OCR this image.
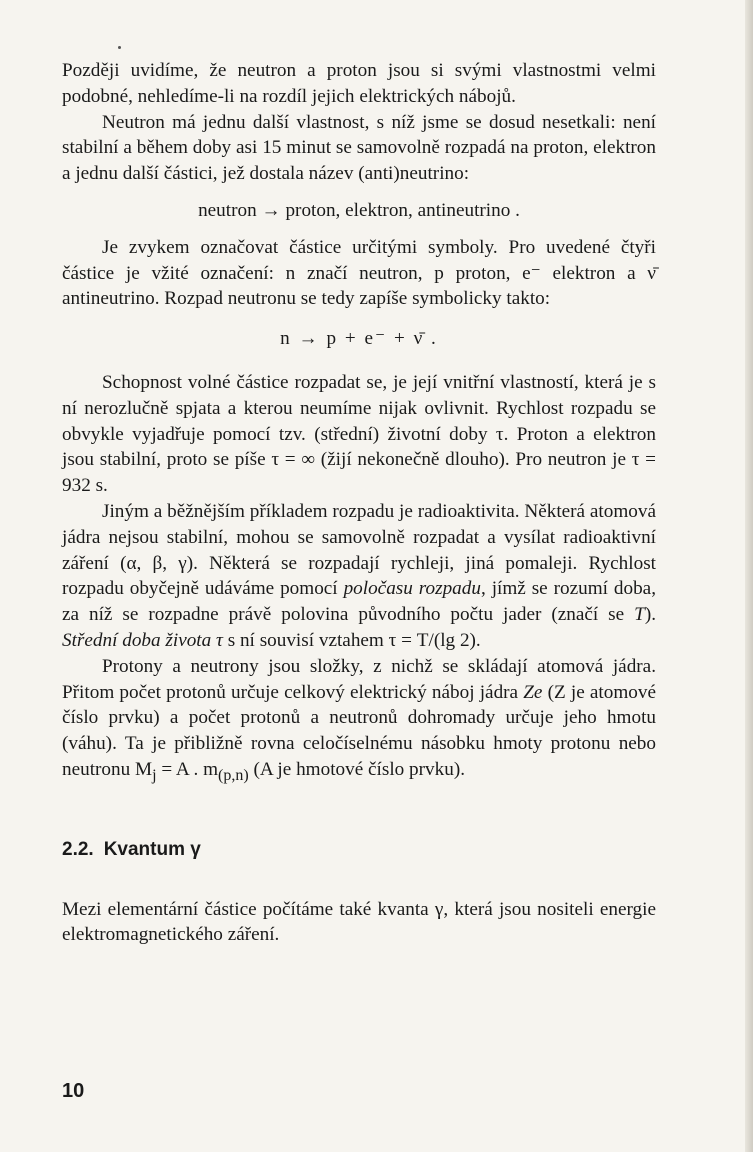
Později uvidíme, že neutron a proton jsou si svými vlastnostmi velmi podobné, nehledíme-li na rozdíl jejich elektrických nábojů.

Neutron má jednu další vlastnost, s níž jsme se dosud nesetkali: není stabilní a během doby asi 15 minut se samovolně rozpadá na proton, elektron a jednu další částici, jež dostala název (anti)neutrino:

neutron → proton, elektron, antineutrino .

Je zvykem označovat částice určitými symboly. Pro uvedené čtyři částice je vžité označení: n značí neutron, p proton, e⁻ elektron a ν̄ antineutrino. Rozpad neutronu se tedy zapíše symbolicky takto:

n → p + e⁻ + ν̄ .

Schopnost volné částice rozpadat se, je její vnitřní vlastností, která je s ní nerozlučně spjata a kterou neumíme nijak ovlivnit. Rychlost rozpadu se obvykle vyjadřuje pomocí tzv. (střední) životní doby τ. Proton a elektron jsou stabilní, proto se píše τ = ∞ (žijí nekonečně dlouho). Pro neutron je τ = 932 s.

Jiným a běžnějším příkladem rozpadu je radioaktivita. Některá atomová jádra nejsou stabilní, mohou se samovolně rozpadat a vysílat radioaktivní záření (α, β, γ). Některá se rozpadají rychleji, jiná pomaleji. Rychlost rozpadu obyčejně udáváme pomocí poločasu rozpadu, jímž se rozumí doba, za níž se rozpadne právě polovina původního počtu jader (značí se T). Střední doba života τ s ní souvisí vztahem τ = T/(lg 2).

Protony a neutrony jsou složky, z nichž se skládají atomová jádra. Přitom počet protonů určuje celkový elektrický náboj jádra Ze (Z je atomové číslo prvku) a počet protonů a neutronů dohromady určuje jeho hmotu (váhu). Ta je přibližně rovna celočíselnému násobku hmoty protonu nebo neutronu $M_j = A$ . $m_{(p,n)}$ (A je hmotové číslo prvku).

2.2. Kvantum γ

Mezi elementární částice počítáme také kvanta γ, která jsou nositeli energie elektromagnetického záření.

10
